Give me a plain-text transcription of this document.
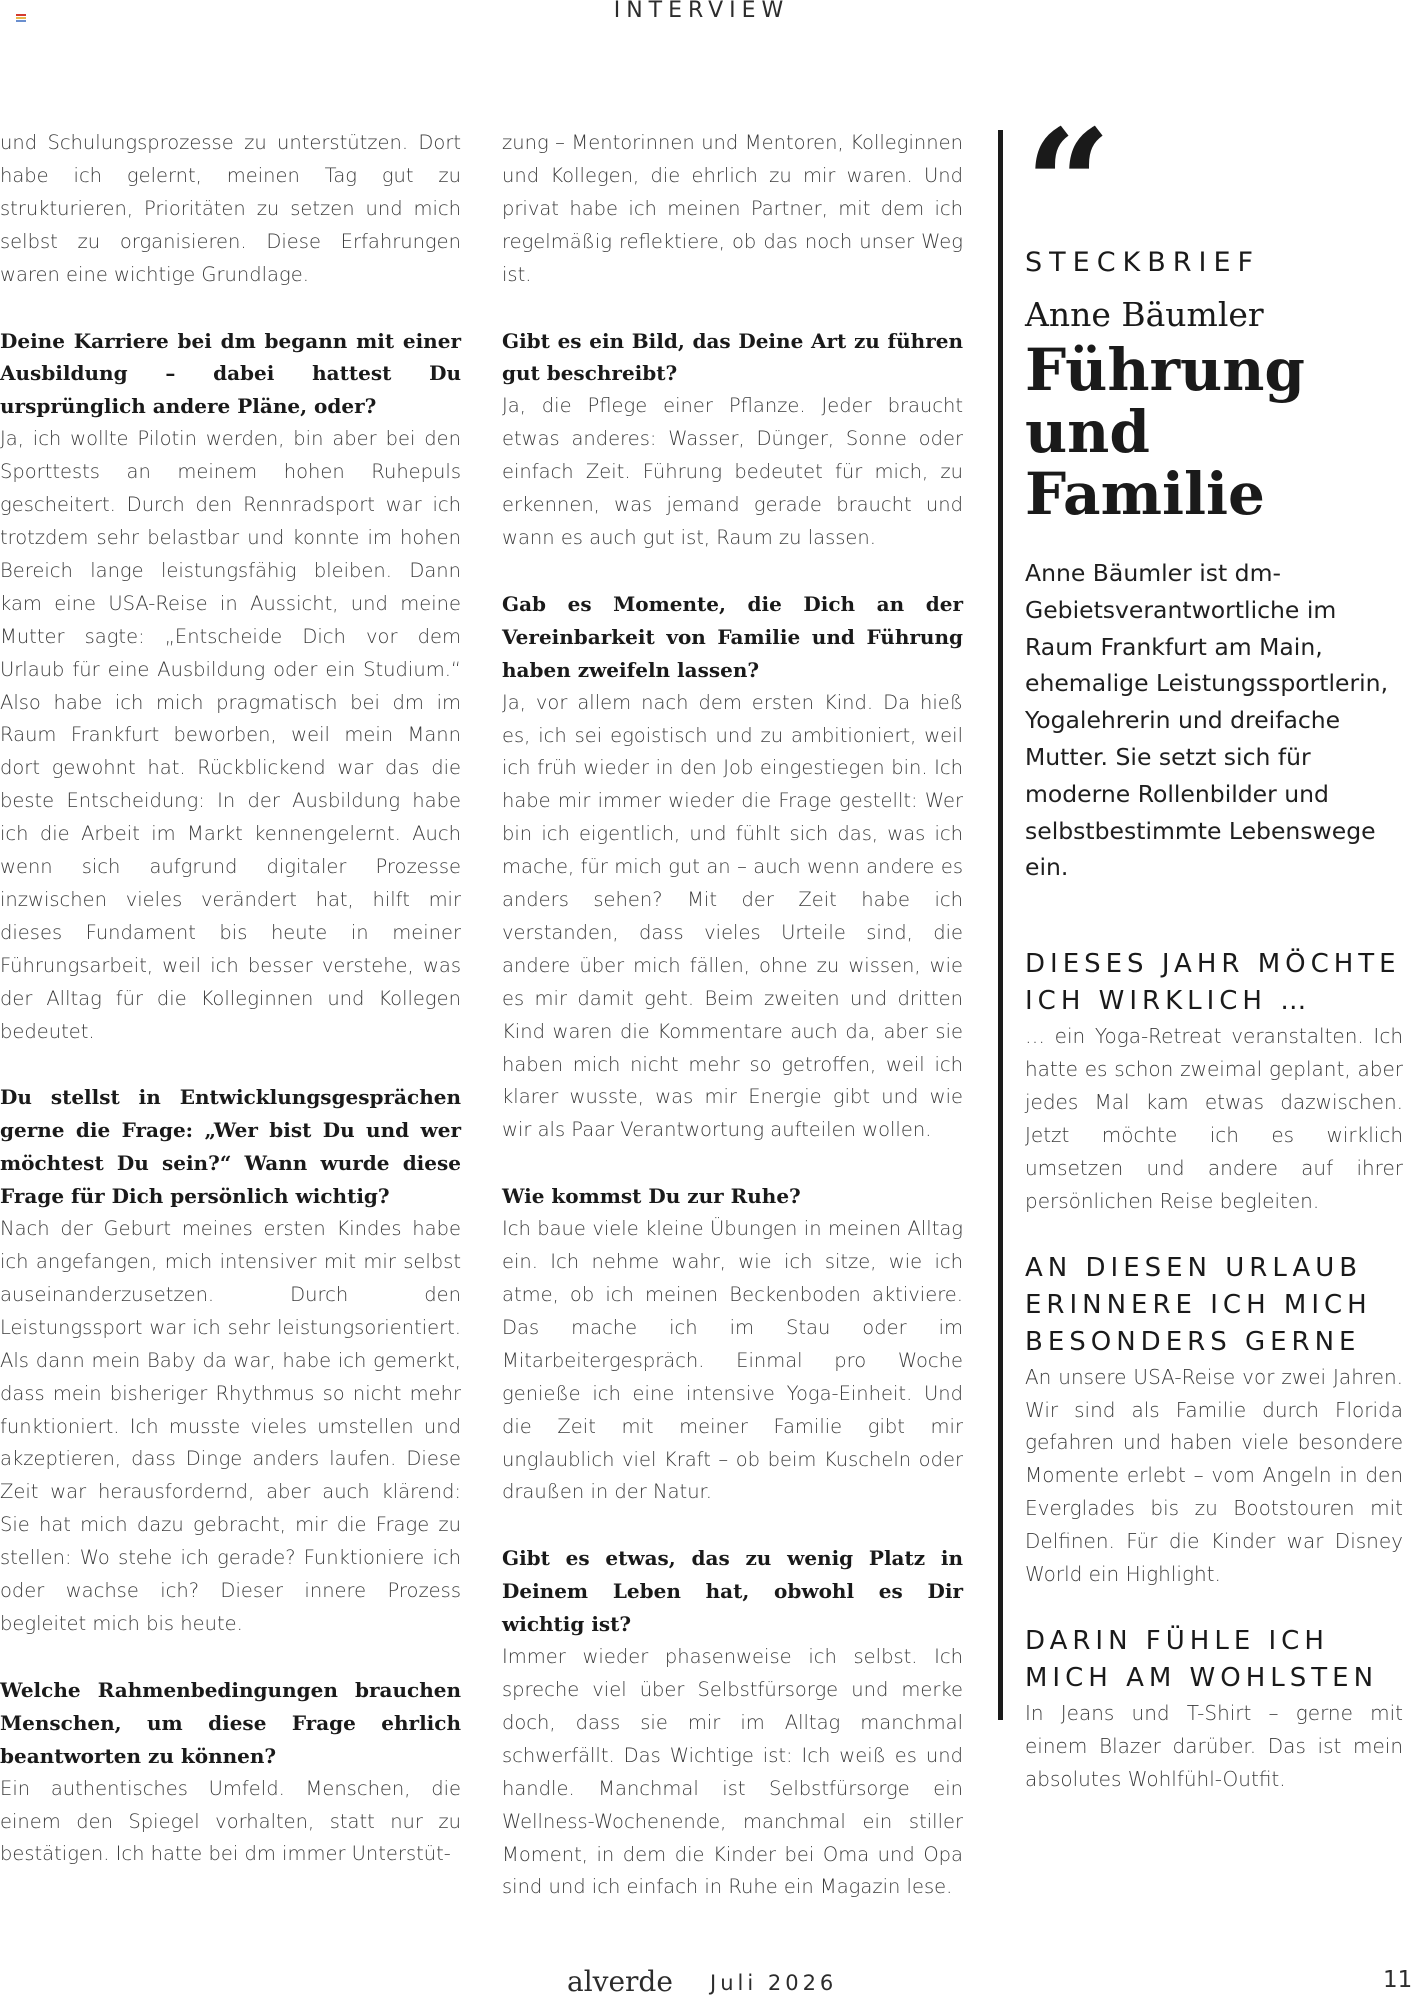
INTERVIEW

und Schulungsprozesse zu unterstützen. Dort habe ich gelernt, meinen Tag gut zu strukturieren, Prioritäten zu setzen und mich selbst zu organisieren. Diese Erfahrungen waren eine wichtige Grundlage.

Deine Karriere bei dm begann mit einer Ausbildung – dabei hattest Du ursprünglich andere Pläne, oder?

Ja, ich wollte Pilotin werden, bin aber bei den Sporttests an meinem hohen Ruhepuls gescheitert. Durch den Rennradsport war ich trotzdem sehr belastbar und konnte im hohen Bereich lange leistungsfähig bleiben. Dann kam eine USA-Reise in Aussicht, und meine Mutter sagte: „Entscheide Dich vor dem Urlaub für eine Ausbildung oder ein Studium.“ Also habe ich mich pragmatisch bei dm im Raum Frankfurt beworben, weil mein Mann dort gewohnt hat. Rückblickend war das die beste Entscheidung: In der Ausbildung habe ich die Arbeit im Markt kennengelernt. Auch wenn sich aufgrund digitaler Prozesse inzwischen vieles verändert hat, hilft mir dieses Fundament bis heute in meiner Führungsarbeit, weil ich besser verstehe, was der Alltag für die Kolleginnen und Kollegen bedeutet.

Du stellst in Entwicklungsgesprächen gerne die Frage: „Wer bist Du und wer möchtest Du sein?“ Wann wurde diese Frage für Dich persönlich wichtig?

Nach der Geburt meines ersten Kindes habe ich angefangen, mich intensiver mit mir selbst auseinanderzusetzen. Durch den Leistungssport war ich sehr leistungsorientiert. Als dann mein Baby da war, habe ich gemerkt, dass mein bisheriger Rhythmus so nicht mehr funktioniert. Ich musste vieles umstellen und akzeptieren, dass Dinge anders laufen. Diese Zeit war herausfordernd, aber auch klärend: Sie hat mich dazu gebracht, mir die Frage zu stellen: Wo stehe ich gerade? Funktioniere ich oder wachse ich? Dieser innere Prozess begleitet mich bis heute.

Welche Rahmenbedingungen brauchen Menschen, um diese Frage ehrlich beantworten zu können?

Ein authentisches Umfeld. Menschen, die einem den Spiegel vorhalten, statt nur zu bestätigen. Ich hatte bei dm immer Unterstüt-

zung – Mentorinnen und Mentoren, Kolleginnen und Kollegen, die ehrlich zu mir waren. Und privat habe ich meinen Partner, mit dem ich regelmäßig reflektiere, ob das noch unser Weg ist.

Gibt es ein Bild, das Deine Art zu führen gut beschreibt?

Ja, die Pflege einer Pflanze. Jeder braucht etwas anderes: Wasser, Dünger, Sonne oder einfach Zeit. Führung bedeutet für mich, zu erkennen, was jemand gerade braucht und wann es auch gut ist, Raum zu lassen.

Gab es Momente, die Dich an der Vereinbarkeit von Familie und Führung haben zweifeln lassen?

Ja, vor allem nach dem ersten Kind. Da hieß es, ich sei egoistisch und zu ambitioniert, weil ich früh wieder in den Job eingestiegen bin. Ich habe mir immer wieder die Frage gestellt: Wer bin ich eigentlich, und fühlt sich das, was ich mache, für mich gut an – auch wenn andere es anders sehen? Mit der Zeit habe ich verstanden, dass vieles Urteile sind, die andere über mich fällen, ohne zu wissen, wie es mir damit geht. Beim zweiten und dritten Kind waren die Kommentare auch da, aber sie haben mich nicht mehr so getroffen, weil ich klarer wusste, was mir Energie gibt und wie wir als Paar Verantwortung aufteilen wollen.

Wie kommst Du zur Ruhe?

Ich baue viele kleine Übungen in meinen Alltag ein. Ich nehme wahr, wie ich sitze, wie ich atme, ob ich meinen Beckenboden aktiviere. Das mache ich im Stau oder im Mitarbeitergespräch. Einmal pro Woche genieße ich eine intensive Yoga-Einheit. Und die Zeit mit meiner Familie gibt mir unglaublich viel Kraft – ob beim Kuscheln oder draußen in der Natur.

Gibt es etwas, das zu wenig Platz in Deinem Leben hat, obwohl es Dir wichtig ist?

Immer wieder phasenweise ich selbst. Ich spreche viel über Selbstfürsorge und merke doch, dass sie mir im Alltag manchmal schwerfällt. Das Wichtige ist: Ich weiß es und handle. Manchmal ist Selbstfürsorge ein Wellness-Wochenende, manchmal ein stiller Moment, in dem die Kinder bei Oma und Opa sind und ich einfach in Ruhe ein Magazin lese.

“
STECKBRIEF
Anne Bäumler
Führung
und Familie
Anne Bäumler ist dm-Gebietsverantwortliche im Raum Frankfurt am Main, ehemalige Leistungssportlerin, Yogalehrerin und dreifache Mutter. Sie setzt sich für moderne Rollenbilder und selbstbestimmte Lebenswege ein.
DIESES JAHR MÖCHTE ICH WIRKLICH …
… ein Yoga-Retreat veranstalten. Ich hatte es schon zweimal geplant, aber jedes Mal kam etwas dazwischen. Jetzt möchte ich es wirklich umsetzen und andere auf ihrer persönlichen Reise begleiten.
AN DIESEN URLAUB ERINNERE ICH MICH BESONDERS GERNE
An unsere USA-Reise vor zwei Jahren. Wir sind als Familie durch Florida gefahren und haben viele besondere Momente erlebt – vom Angeln in den Everglades bis zu Bootstouren mit Delfinen. Für die Kinder war Disney World ein Highlight.
DARIN FÜHLE ICH MICH AM WOHLSTEN
In Jeans und T-Shirt – gerne mit einem Blazer darüber. Das ist mein absolutes Wohlfühl-Outfit.
alverde Juli 2026	11
